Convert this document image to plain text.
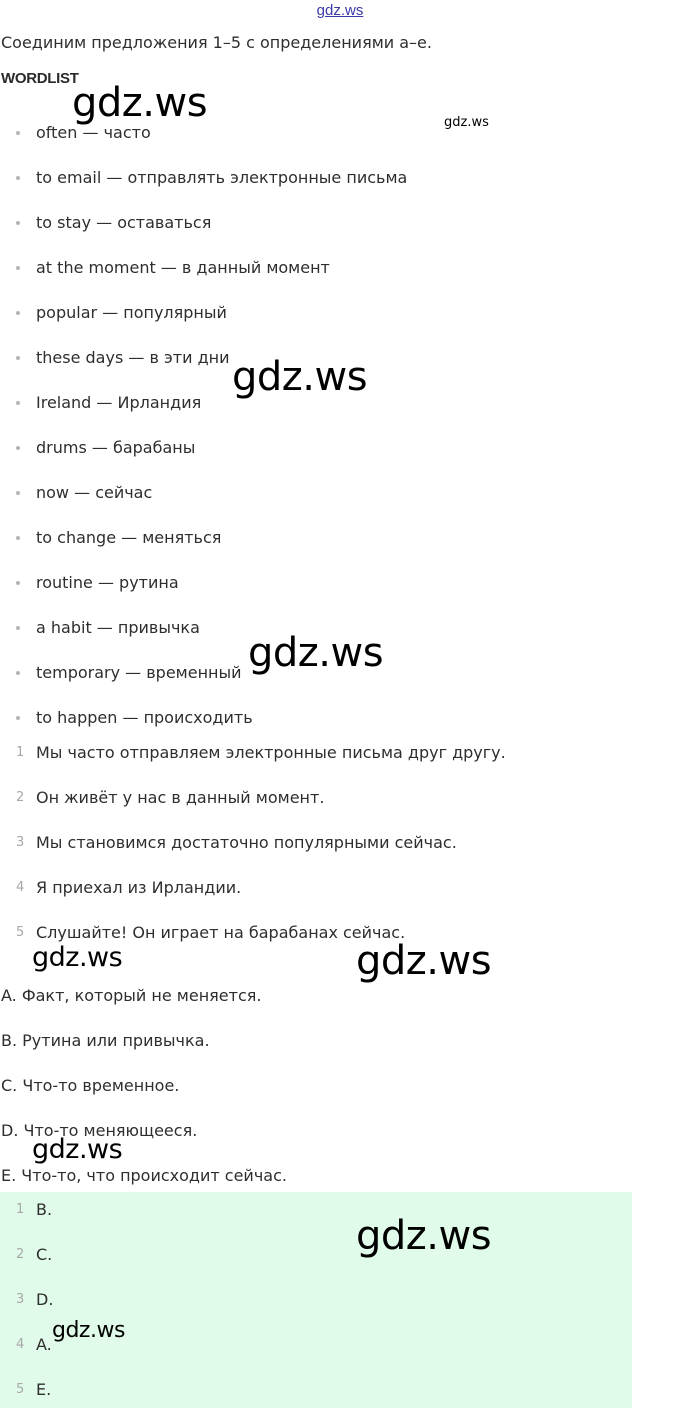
gdz.ws
Соединим предложения 1–5 с определениями a–e.
WORDLIST
often — часто
to email — отправлять электронные письма
to stay — оставаться
at the moment — в данный момент
popular — популярный
these days — в эти дни
Ireland — Ирландия
drums — барабаны
now — сейчас
to change — меняться
routine — рутина
a habit — привычка
temporary — временный
to happen — происходить
1 Мы часто отправляем электронные письма друг другу.
2 Он живёт у нас в данный момент.
3 Мы становимся достаточно популярными сейчас.
4 Я приехал из Ирландии.
5 Слушайте! Он играет на барабанах сейчас.
A. Факт, который не меняется.
B. Рутина или привычка.
C. Что-то временное.
D. Что-то меняющееся.
E. Что-то, что происходит сейчас.
1 B.
2 C.
3 D.
4 A.
5 E.
gdz.ws	gdz.ws
gdz.ws
gdz.ws
gdz.ws	gdz.ws
gdz.ws
gdz.ws
gdz.ws
